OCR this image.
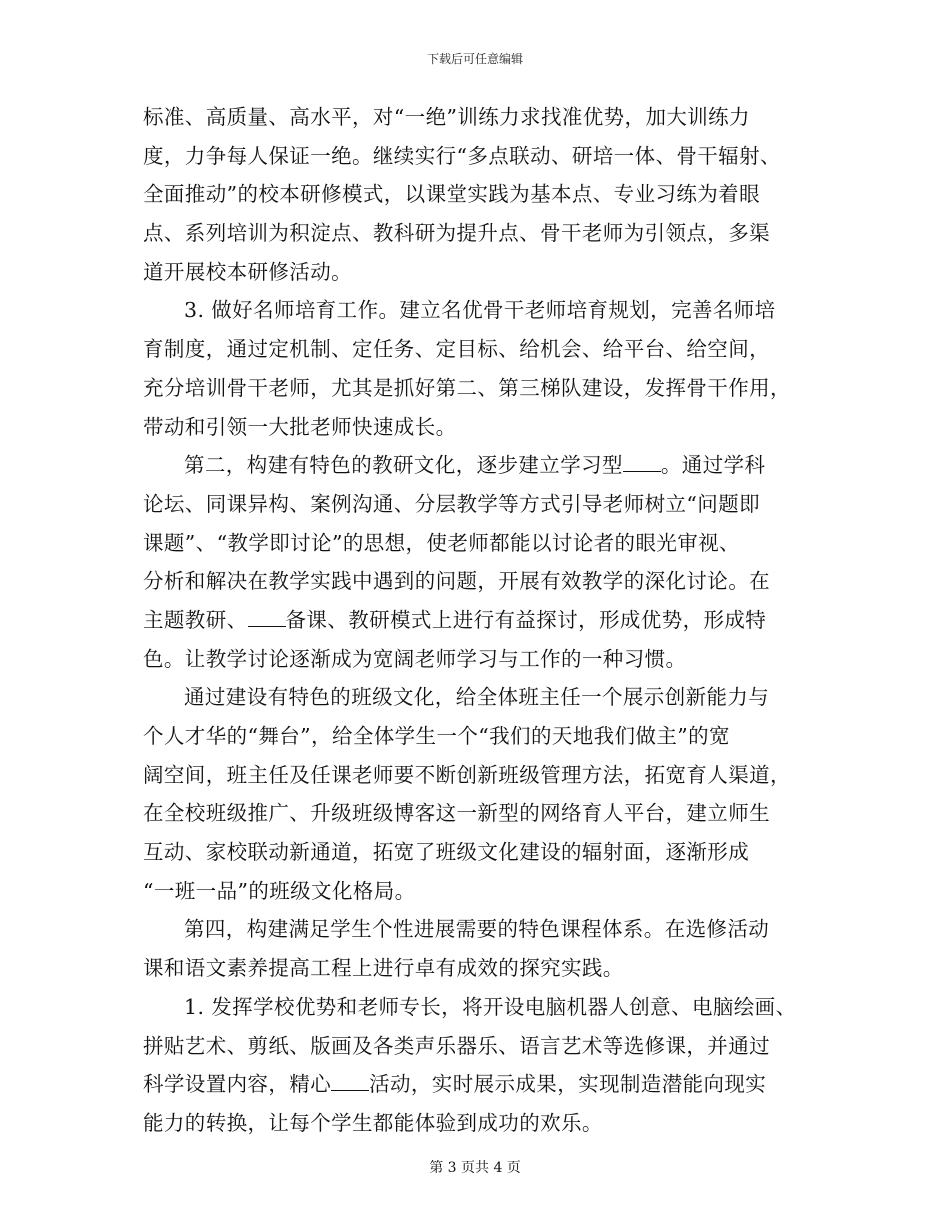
下载后可任意编辑
标准、高质量、高水平，对“一绝”训练力求找准优势，加大训练力
度，力争每人保证一绝。继续实行“多点联动、研培一体、骨干辐射、
全面推动”的校本研修模式，以课堂实践为基本点、专业习练为着眼
点、系列培训为积淀点、教科研为提升点、骨干老师为引领点，多渠
道开展校本研修活动。
3. 做好名师培育工作。建立名优骨干老师培育规划，完善名师培
育制度，通过定机制、定任务、定目标、给机会、给平台、给空间，
充分培训骨干老师，尤其是抓好第二、第三梯队建设，发挥骨干作用，
带动和引领一大批老师快速成长。
第二，构建有特色的教研文化，逐步建立学习型 。通过学科
论坛、同课异构、案例沟通、分层教学等方式引导老师树立“问题即
课题”、“教学即讨论”的思想，使老师都能以讨论者的眼光审视、
分析和解决在教学实践中遇到的问题，开展有效教学的深化讨论。在
主题教研、 备课、教研模式上进行有益探讨，形成优势，形成特
色。让教学讨论逐渐成为宽阔老师学习与工作的一种习惯。
通过建设有特色的班级文化，给全体班主任一个展示创新能力与
个人才华的“舞台”，给全体学生一个“我们的天地我们做主”的宽
阔空间，班主任及任课老师要不断创新班级管理方法，拓宽育人渠道，
在全校班级推广、升级班级博客这一新型的网络育人平台，建立师生
互动、家校联动新通道，拓宽了班级文化建设的辐射面，逐渐形成
“一班一品”的班级文化格局。
第四，构建满足学生个性进展需要的特色课程体系。在选修活动
课和语文素养提高工程上进行卓有成效的探究实践。
1. 发挥学校优势和老师专长，将开设电脑机器人创意、电脑绘画、
拼贴艺术、剪纸、版画及各类声乐器乐、语言艺术等选修课，并通过
科学设置内容，精心 活动，实时展示成果，实现制造潜能向现实
能力的转换，让每个学生都能体验到成功的欢乐。
第 3 页共 4 页
